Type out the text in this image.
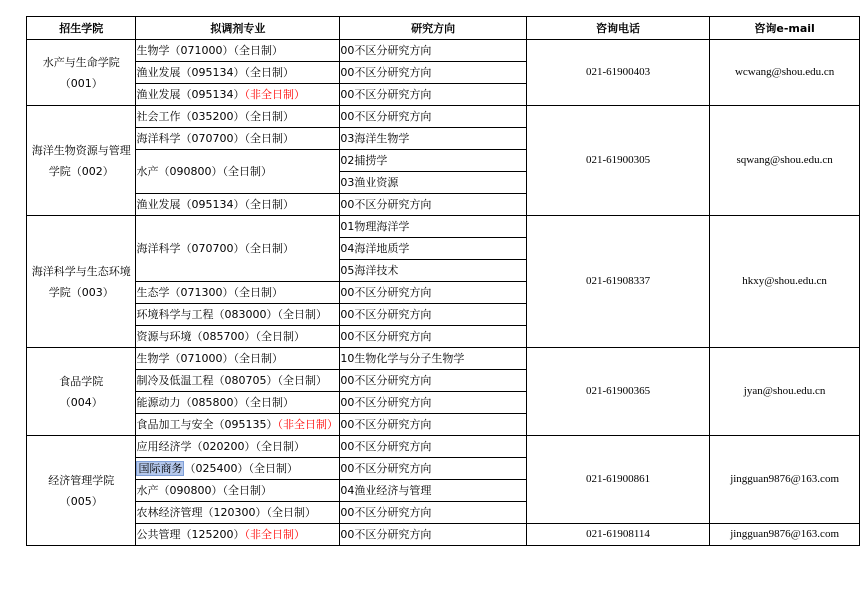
招生学院	拟调剂专业	研究方向	咨询电话	咨询e-mail
水产与生命学院
（001）	生物学（071000）（全日制）	00不区分研究方向	021-61900403	wcwang@shou.edu.cn
	渔业发展（095134）（全日制）	00不区分研究方向		
	渔业发展（095134）（非全日制）	00不区分研究方向		
海洋生物资源与管理
学院（002）	社会工作（035200）（全日制）	00不区分研究方向	021-61900305	sqwang@shou.edu.cn
	海洋科学（070700）（全日制）	03海洋生物学		
	水产（090800）（全日制）	02捕捞学		
		03渔业资源		
	渔业发展（095134）（全日制）	00不区分研究方向		
海洋科学与生态环境
学院（003）	海洋科学（070700）（全日制）	01物理海洋学	021-61908337	hkxy@shou.edu.cn
		04海洋地质学		
		05海洋技术		
	生态学（071300）（全日制）	00不区分研究方向		
	环境科学与工程（083000）（全日制）	00不区分研究方向		
	资源与环境（085700）（全日制）	00不区分研究方向		
食品学院
（004）	生物学（071000）（全日制）	10生物化学与分子生物学	021-61900365	jyan@shou.edu.cn
	制冷及低温工程（080705）（全日制）	00不区分研究方向		
	能源动力（085800）（全日制）	00不区分研究方向		
	食品加工与安全（095135）（非全日制）	00不区分研究方向		
经济管理学院
（005）	应用经济学（020200）（全日制）	00不区分研究方向	021-61900861	jingguan9876@163.com
	国际商务 （025400）（全日制）	00不区分研究方向		
	水产（090800）（全日制）	04渔业经济与管理		
	农林经济管理（120300）（全日制）	00不区分研究方向		
	公共管理（125200）（非全日制）	00不区分研究方向	021-61908114	jingguan9876@163.com
